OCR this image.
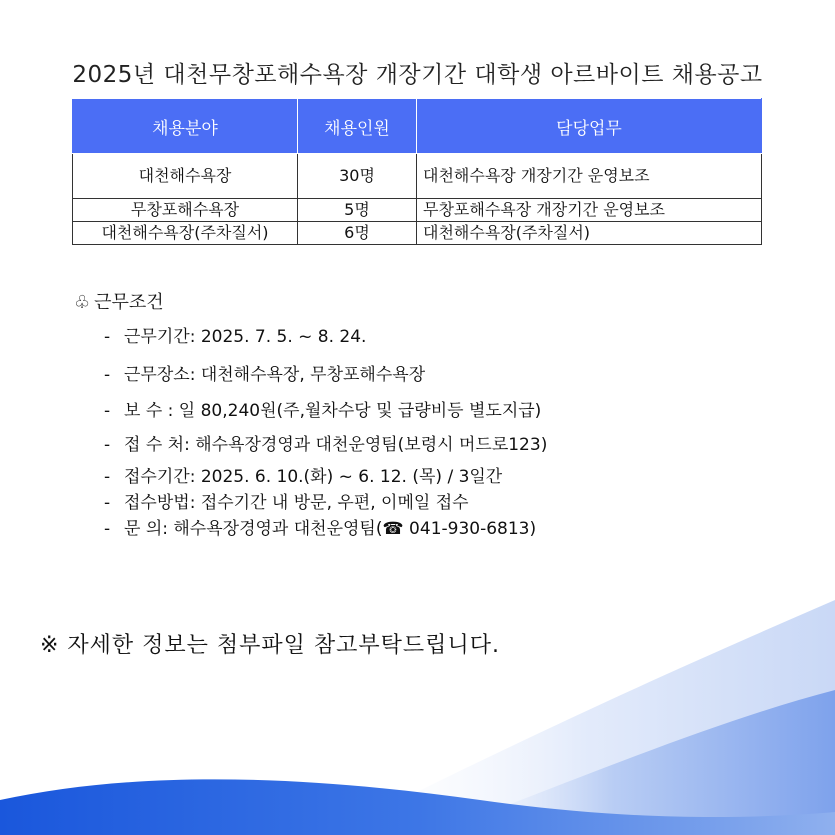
2025년 대천무창포해수욕장 개장기간 대학생 아르바이트 채용공고
채용분야	채용인원	담당업무
대천해수욕장	30명	대천해수욕장 개장기간 운영보조
무창포해수욕장	5명	무창포해수욕장 개장기간 운영보조
대천해수욕장(주차질서)	6명	대천해수욕장(주차질서)
♧ 근무조건
- 근무기간: 2025. 7. 5. ~ 8. 24.
- 근무장소: 대천해수욕장, 무창포해수욕장
- 보 수 : 일 80,240원(주,월차수당 및 급량비등 별도지급)
- 접 수 처: 해수욕장경영과 대천운영팀(보령시 머드로123)
- 접수기간: 2025. 6. 10.(화) ~ 6. 12. (목) / 3일간
- 접수방법: 접수기간 내 방문, 우편, 이메일 접수
- 문 의: 해수욕장경영과 대천운영팀(☎ 041-930-6813)
※ 자세한 정보는 첨부파일 참고부탁드립니다.
